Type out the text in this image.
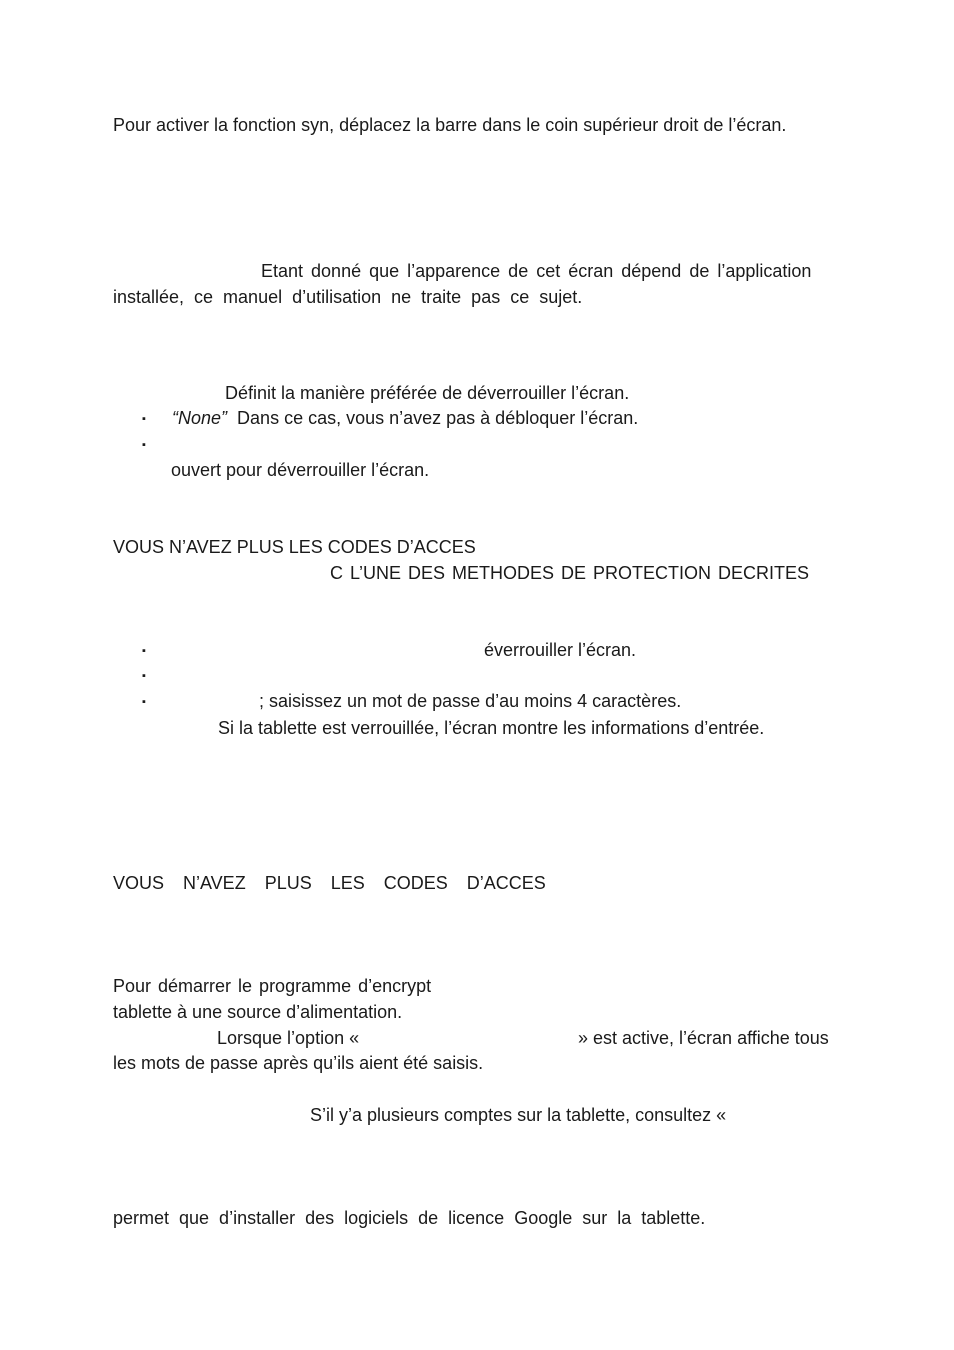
Pour activer la fonction syn, déplacez la barre dans le coin supérieur droit de l’écran.
Etant donné que l’apparence de cet écran dépend de l’application
installée, ce manuel d’utilisation ne traite pas ce sujet.
Définit la manière préférée de déverrouiller l’écran.
▪ “None” Dans ce cas, vous n’avez pas à débloquer l’écran.
▪
ouvert pour déverrouiller l’écran.
VOUS N’AVEZ PLUS LES CODES D’ACCES
C L’UNE DES METHODES DE PROTECTION DECRITES
▪	éverrouiller l’écran.
▪
▪	; saisissez un mot de passe d’au moins 4 caractères.
Si la tablette est verrouillée, l’écran montre les informations d’entrée.
VOUS N’AVEZ PLUS LES CODES D’ACCES
Pour démarrer le programme d’encrypt
tablette à une source d’alimentation.
Lorsque l’option «	» est active, l’écran affiche tous
les mots de passe après qu’ils aient été saisis.
S’il y’a plusieurs comptes sur la tablette, consultez «
permet que d’installer des logiciels de licence Google sur la tablette.
